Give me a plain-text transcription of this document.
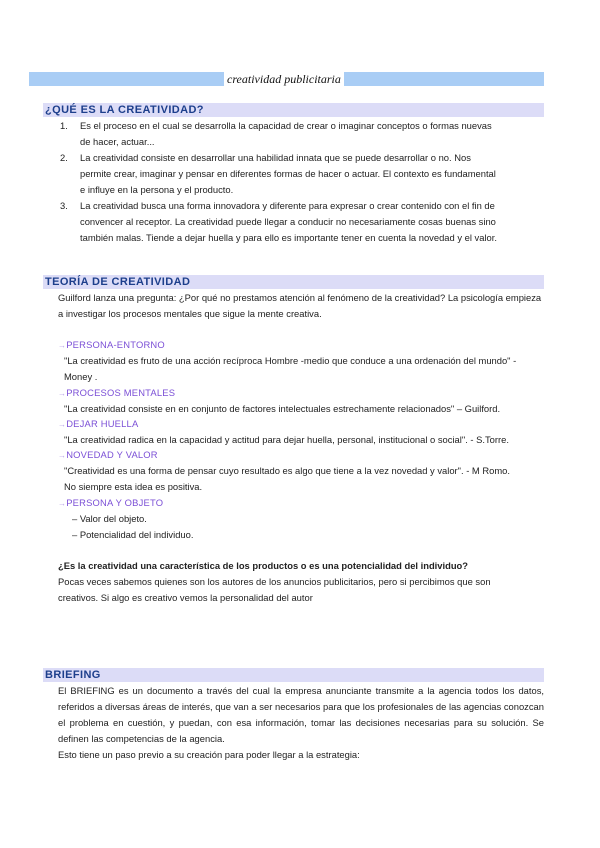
creatividad publicitaria
¿QUÉ ES LA CREATIVIDAD?
1. Es el proceso en el cual se desarrolla la capacidad de crear o imaginar conceptos o formas nuevas de hacer, actuar...
2. La creatividad consiste en desarrollar una habilidad innata que se puede desarrollar o no. Nos permite crear, imaginar y pensar en diferentes formas de hacer o actuar. El contexto es fundamental e influye en la persona y el producto.
3. La creatividad busca una forma innovadora y diferente para expresar o crear contenido con el fin de convencer al receptor. La creatividad puede llegar a conducir no necesariamente cosas buenas sino también malas. Tiende a dejar huella y para ello es importante tener en cuenta la novedad y el valor.
TEORÍA DE CREATIVIDAD
Guilford lanza una pregunta: ¿Por qué no prestamos atención al fenómeno de la creatividad? La psicología empieza a investigar los procesos mentales que sigue la mente creativa.
→PERSONA-ENTORNO
"La creatividad es fruto de una acción recíproca Hombre -medio que conduce a una ordenación del mundo" -Money .
→PROCESOS MENTALES
"La creatividad consiste en en conjunto de factores intelectuales estrechamente relacionados" – Guilford.
→DEJAR HUELLA
"La creatividad radica en la capacidad y actitud para dejar huella, personal, institucional o social". - S.Torre.
→NOVEDAD Y VALOR
"Creatividad es una forma de pensar cuyo resultado es algo que tiene a la vez novedad y valor". - M Romo. No siempre esta idea es positiva.
→PERSONA Y OBJETO
– Valor del objeto.
– Potencialidad del individuo.
¿Es la creatividad una característica de los productos o es una potencialidad del individuo?
Pocas veces sabemos quienes son los autores de los anuncios publicitarios, pero si percibimos que son creativos. Si algo es creativo vemos la personalidad del autor
BRIEFING
El BRIEFING es un documento a través del cual la empresa anunciante transmite a la agencia todos los datos, referidos a diversas áreas de interés, que van a ser necesarios para que los profesionales de las agencias conozcan el problema en cuestión, y puedan, con esa información, tomar las decisiones necesarias para su solución. Se definen las competencias de la agencia.
Esto tiene un paso previo a su creación para poder llegar a la estrategia:
